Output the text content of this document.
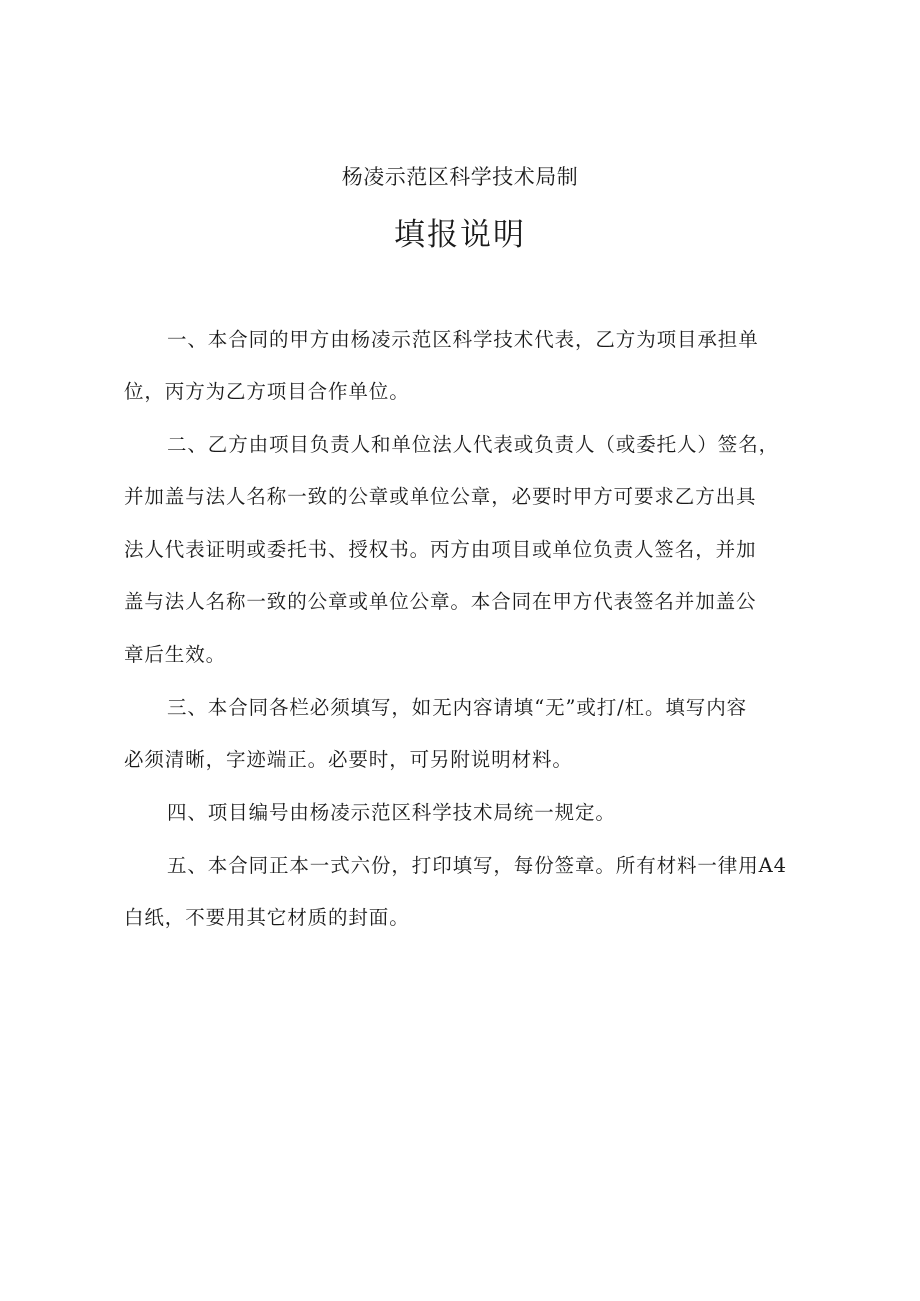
杨凌示范区科学技术局制
填报说明
一、本合同的甲方由杨凌示范区科学技术代表，乙方为项目承担单
位，丙方为乙方项目合作单位。
二、乙方由项目负责人和单位法人代表或负责人（或委托人）签名，
并加盖与法人名称一致的公章或单位公章，必要时甲方可要求乙方出具
法人代表证明或委托书、授权书。丙方由项目或单位负责人签名，并加
盖与法人名称一致的公章或单位公章。本合同在甲方代表签名并加盖公
章后生效。
三、本合同各栏必须填写，如无内容请填“无”或打/杠。填写内容
必须清晰，字迹端正。必要时，可另附说明材料。
四、项目编号由杨凌示范区科学技术局统一规定。
五、本合同正本一式六份，打印填写，每份签章。所有材料一律用A4
白纸，不要用其它材质的封面。
